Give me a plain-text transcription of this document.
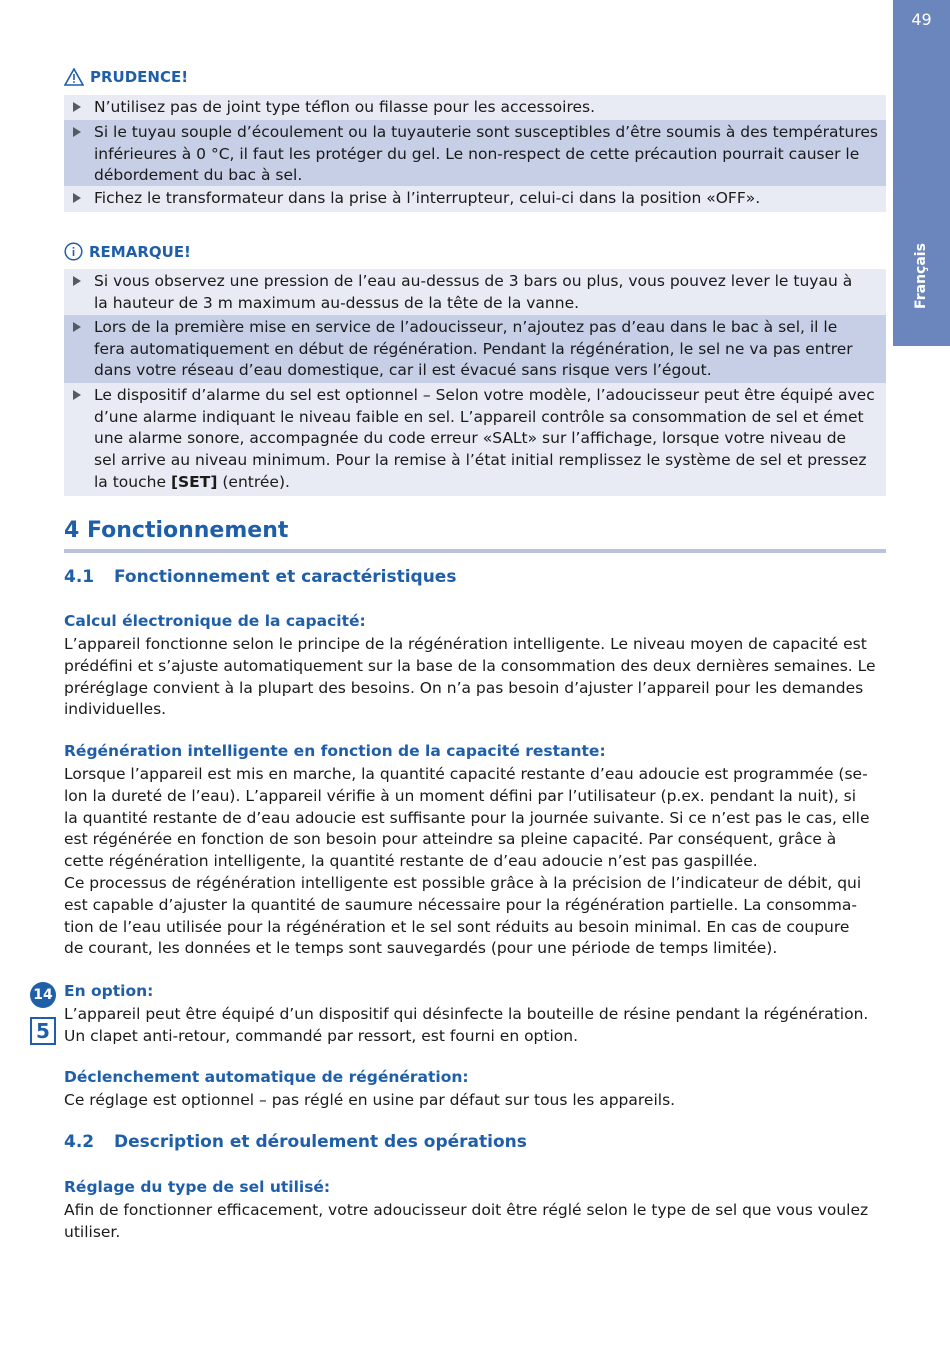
49
Français
PRUDENCE!
N’utilisez pas de joint type téflon ou filasse pour les accessoires.
Si le tuyau souple d’écoulement ou la tuyauterie sont susceptibles d’être soumis à des températures
inférieures à 0 °C, il faut les protéger du gel. Le non-respect de cette précaution pourrait causer le
débordement du bac à sel.
Fichez le transformateur dans la prise à l’interrupteur, celui-ci dans la position «OFF».
REMARQUE!
Si vous observez une pression de l’eau au-dessus de 3 bars ou plus, vous pouvez lever le tuyau à
la hauteur de 3 m maximum au-dessus de la tête de la vanne.
Lors de la première mise en service de l’adoucisseur, n’ajoutez pas d’eau dans le bac à sel, il le
fera automatiquement en début de régénération. Pendant la régénération, le sel ne va pas entrer
dans votre réseau d’eau domestique, car il est évacué sans risque vers l’égout.
Le dispositif d’alarme du sel est optionnel – Selon votre modèle, l’adoucisseur peut être équipé avec
d’une alarme indiquant le niveau faible en sel. L’appareil contrôle sa consommation de sel et émet
une alarme sonore, accompagnée du code erreur «SALt» sur l’affichage, lorsque votre niveau de
sel arrive au niveau minimum. Pour la remise à l’état initial remplissez le système de sel et pressez
la touche [SET] (entrée).
4 Fonctionnement
4.1 Fonctionnement et caractéristiques
Calcul électronique de la capacité:
L’appareil fonctionne selon le principe de la régénération intelligente. Le niveau moyen de capacité est
prédéfini et s’ajuste automatiquement sur la base de la consommation des deux dernières semaines. Le
préréglage convient à la plupart des besoins. On n’a pas besoin d’ajuster l’appareil pour les demandes
individuelles.
Régénération intelligente en fonction de la capacité restante:
Lorsque l’appareil est mis en marche, la quantité capacité restante d’eau adoucie est programmée (se-
lon la dureté de l’eau). L’appareil vérifie à un moment défini par l’utilisateur (p.ex. pendant la nuit), si
la quantité restante de d’eau adoucie est suffisante pour la journée suivante. Si ce n’est pas le cas, elle
est régénérée en fonction de son besoin pour atteindre sa pleine capacité. Par conséquent, grâce à
cette régénération intelligente, la quantité restante de d’eau adoucie n’est pas gaspillée.
Ce processus de régénération intelligente est possible grâce à la précision de l’indicateur de débit, qui
est capable d’ajuster la quantité de saumure nécessaire pour la régénération partielle. La consomma-
tion de l’eau utilisée pour la régénération et le sel sont réduits au besoin minimal. En cas de coupure
de courant, les données et le temps sont sauvegardés (pour une période de temps limitée).
14
5
En option:
L’appareil peut être équipé d’un dispositif qui désinfecte la bouteille de résine pendant la régénération.
Un clapet anti-retour, commandé par ressort, est fourni en option.
Déclenchement automatique de régénération:
Ce réglage est optionnel – pas réglé en usine par défaut sur tous les appareils.
4.2 Description et déroulement des opérations
Réglage du type de sel utilisé:
Afin de fonctionner efficacement, votre adoucisseur doit être réglé selon le type de sel que vous voulez
utiliser.
